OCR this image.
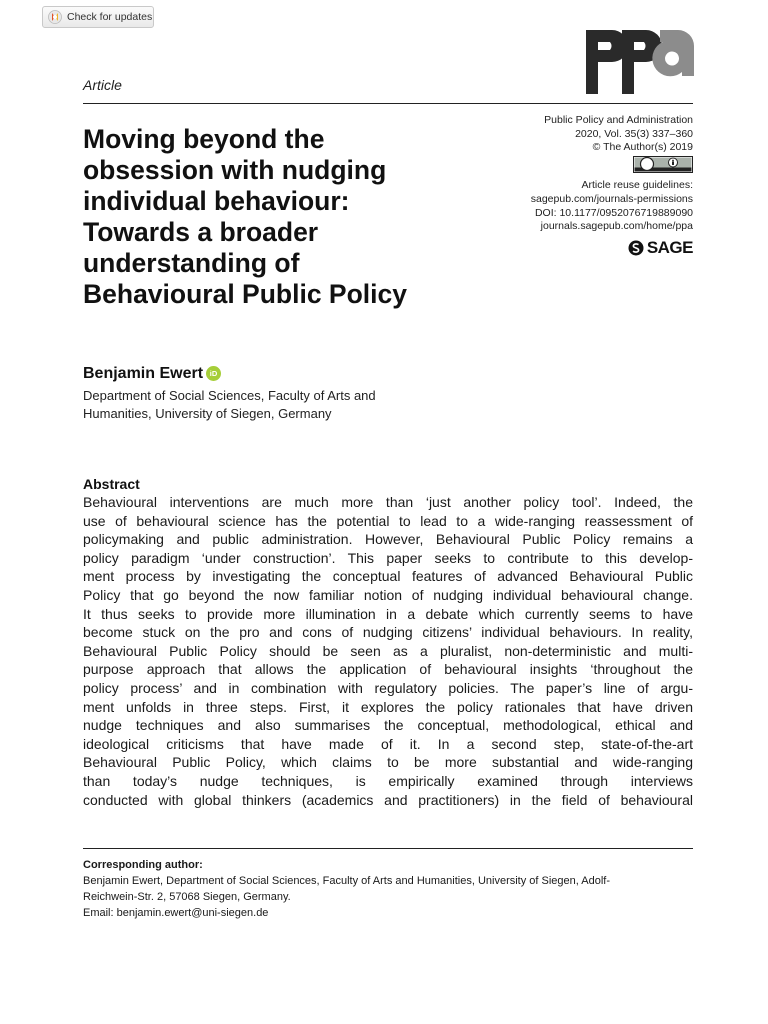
Check for updates
Article
Moving beyond the
obsession with nudging
individual behaviour:
Towards a broader
understanding of
Behavioural Public Policy
Public Policy and Administration
2020, Vol. 35(3) 337–360
© The Author(s) 2019
Article reuse guidelines:
sagepub.com/journals-permissions
DOI: 10.1177/0952076719889090
journals.sagepub.com/home/ppa
SAGE
Benjamin Ewert iD
Department of Social Sciences, Faculty of Arts and
Humanities, University of Siegen, Germany
Abstract
Behavioural interventions are much more than ‘just another policy tool’. Indeed, the
use of behavioural science has the potential to lead to a wide-ranging reassessment of
policymaking and public administration. However, Behavioural Public Policy remains a
policy paradigm ‘under construction’. This paper seeks to contribute to this develop-
ment process by investigating the conceptual features of advanced Behavioural Public
Policy that go beyond the now familiar notion of nudging individual behavioural change.
It thus seeks to provide more illumination in a debate which currently seems to have
become stuck on the pro and cons of nudging citizens’ individual behaviours. In reality,
Behavioural Public Policy should be seen as a pluralist, non-deterministic and multi-
purpose approach that allows the application of behavioural insights ‘throughout the
policy process’ and in combination with regulatory policies. The paper’s line of argu-
ment unfolds in three steps. First, it explores the policy rationales that have driven
nudge techniques and also summarises the conceptual, methodological, ethical and
ideological criticisms that have made of it. In a second step, state-of-the-art
Behavioural Public Policy, which claims to be more substantial and wide-ranging
than today’s nudge techniques, is empirically examined through interviews
conducted with global thinkers (academics and practitioners) in the field of behavioural
Corresponding author:
Benjamin Ewert, Department of Social Sciences, Faculty of Arts and Humanities, University of Siegen, Adolf-
Reichwein-Str. 2, 57068 Siegen, Germany.
Email: benjamin.ewert@uni-siegen.de
